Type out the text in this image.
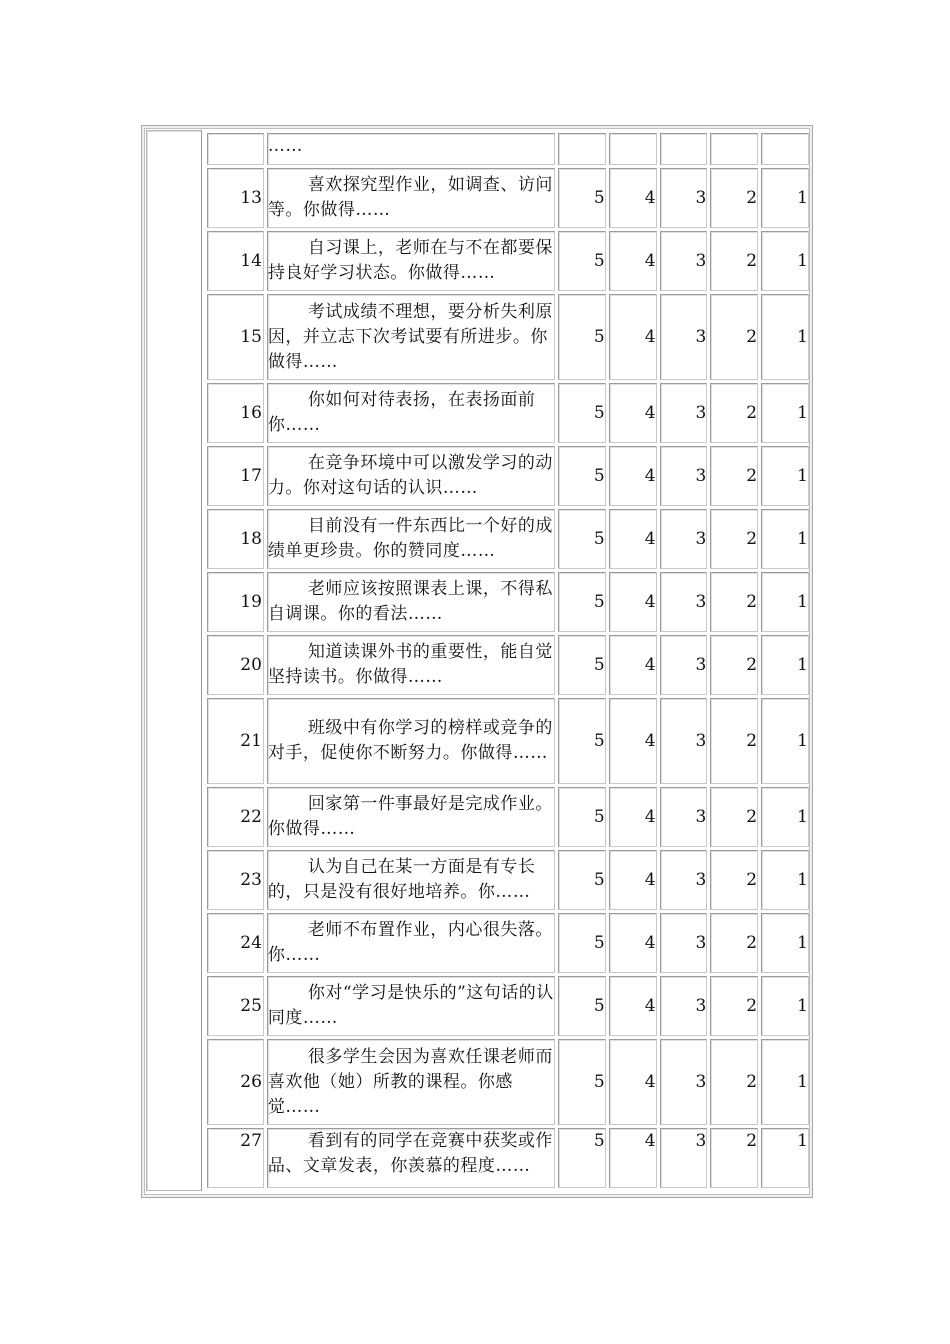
	……					
13	喜欢探究型作业，如调查、访问等。你做得……	5	4	3	2	1
14	自习课上，老师在与不在都要保持良好学习状态。你做得……	5	4	3	2	1
15	考试成绩不理想，要分析失利原因，并立志下次考试要有所进步。你做得……	5	4	3	2	1
16	你如何对待表扬，在表扬面前你……	5	4	3	2	1
17	在竞争环境中可以激发学习的动力。你对这句话的认识……	5	4	3	2	1
18	目前没有一件东西比一个好的成绩单更珍贵。你的赞同度……	5	4	3	2	1
19	老师应该按照课表上课，不得私自调课。你的看法……	5	4	3	2	1
20	知道读课外书的重要性，能自觉坚持读书。你做得……	5	4	3	2	1
21	班级中有你学习的榜样或竞争的对手，促使你不断努力。你做得……	5	4	3	2	1
22	回家第一件事最好是完成作业。你做得……	5	4	3	2	1
23	认为自己在某一方面是有专长的，只是没有很好地培养。你……	5	4	3	2	1
24	老师不布置作业，内心很失落。你……	5	4	3	2	1
25	你对“学习是快乐的”这句话的认同度……	5	4	3	2	1
26	很多学生会因为喜欢任课老师而喜欢他（她）所教的课程。你感觉……	5	4	3	2	1
27	看到有的同学在竞赛中获奖或作品、文章发表，你羡慕的程度……	5	4	3	2	1
